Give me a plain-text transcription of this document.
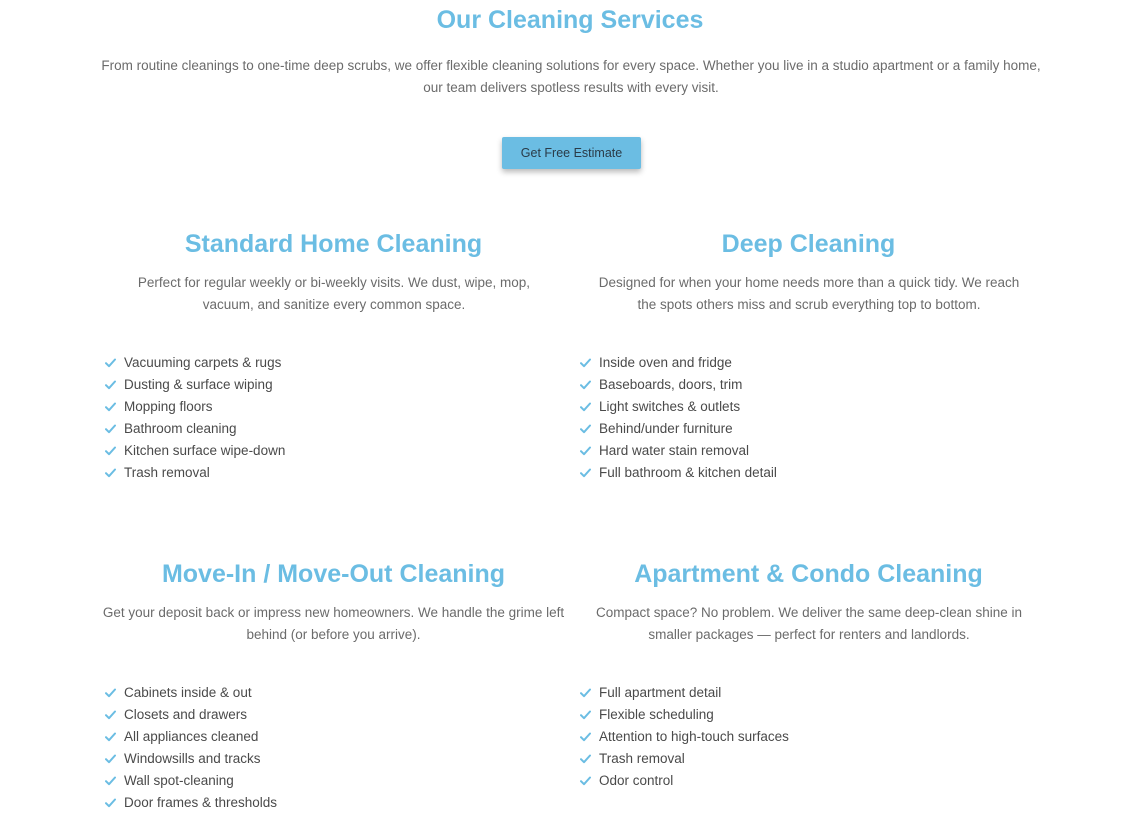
Our Cleaning Services

From routine cleanings to one-time deep scrubs, we offer flexible cleaning solutions for every space. Whether you live in a studio apartment or a family home, our team delivers spotless results with every visit.

Get Free Estimate
Standard Home Cleaning

Perfect for regular weekly or bi-weekly visits. We dust, wipe, mop, vacuum, and sanitize every common space.

Vacuuming carpets & rugs
Dusting & surface wiping
Mopping floors
Bathroom cleaning
Kitchen surface wipe-down
Trash removal
Deep Cleaning

Designed for when your home needs more than a quick tidy. We reach the spots others miss and scrub everything top to bottom.

Inside oven and fridge
Baseboards, doors, trim
Light switches & outlets
Behind/under furniture
Hard water stain removal
Full bathroom & kitchen detail
Move-In / Move-Out Cleaning

Get your deposit back or impress new homeowners. We handle the grime left behind (or before you arrive).

Cabinets inside & out
Closets and drawers
All appliances cleaned
Windowsills and tracks
Wall spot-cleaning
Door frames & thresholds
Apartment & Condo Cleaning

Compact space? No problem. We deliver the same deep-clean shine in smaller packages — perfect for renters and landlords.

Full apartment detail
Flexible scheduling
Attention to high-touch surfaces
Trash removal
Odor control
